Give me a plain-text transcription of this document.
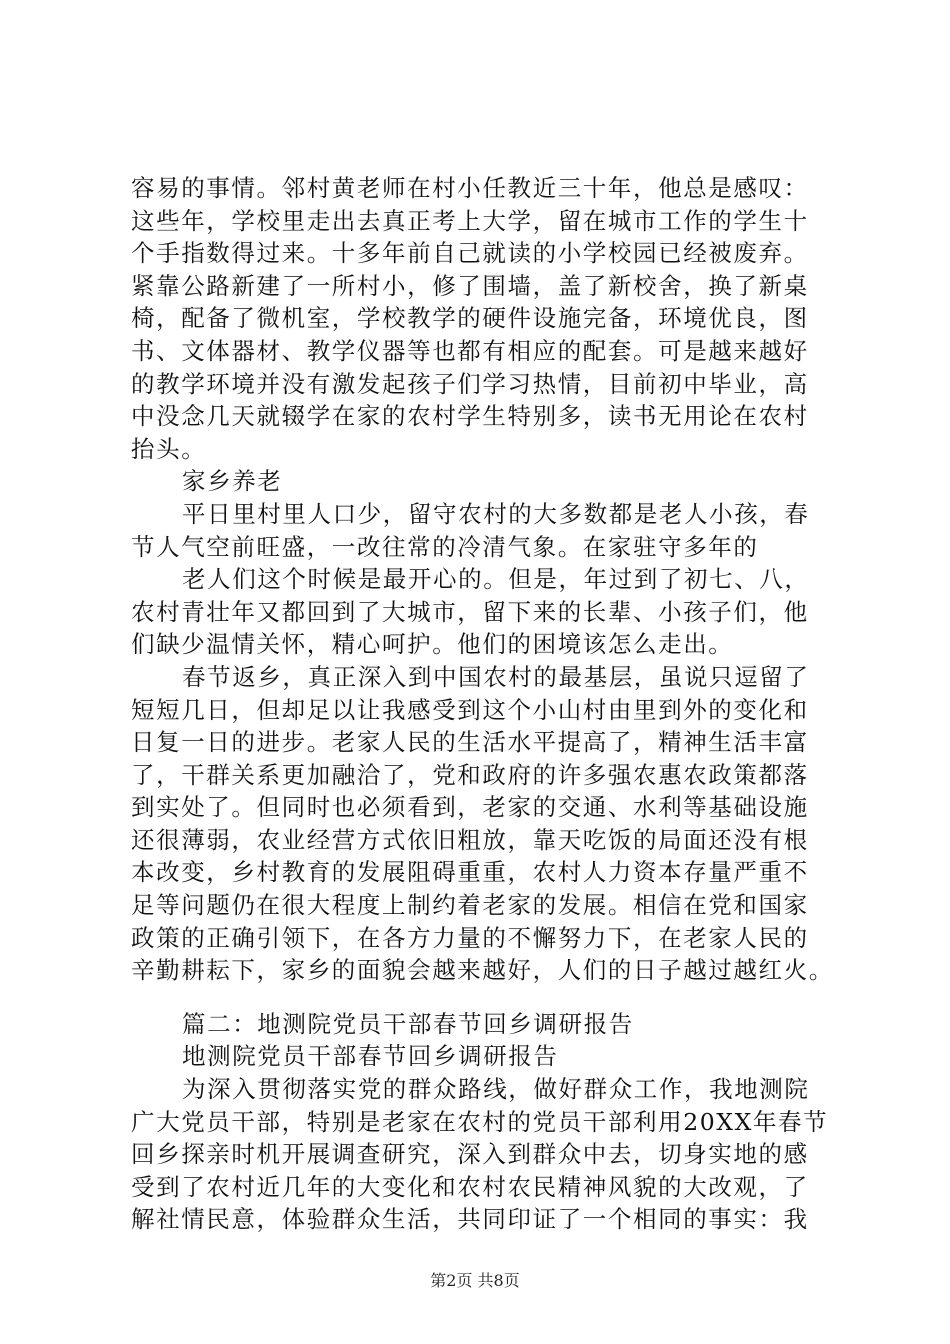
容易的事情。邻村黄老师在村小任教近三十年，他总是感叹：
这些年，学校里走出去真正考上大学，留在城市工作的学生十
个手指数得过来。十多年前自己就读的小学校园已经被废弃。
紧靠公路新建了一所村小，修了围墙，盖了新校舍，换了新桌
椅，配备了微机室，学校教学的硬件设施完备，环境优良，图
书、文体器材、教学仪器等也都有相应的配套。可是越来越好
的教学环境并没有激发起孩子们学习热情，目前初中毕业，高
中没念几天就辍学在家的农村学生特别多，读书无用论在农村
抬头。
家乡养老
平日里村里人口少，留守农村的大多数都是老人小孩，春
节人气空前旺盛，一改往常的冷清气象。在家驻守多年的
老人们这个时候是最开心的。但是，年过到了初七、八，
农村青壮年又都回到了大城市，留下来的长辈、小孩子们，他
们缺少温情关怀，精心呵护。他们的困境该怎么走出。
春节返乡，真正深入到中国农村的最基层，虽说只逗留了
短短几日，但却足以让我感受到这个小山村由里到外的变化和
日复一日的进步。老家人民的生活水平提高了，精神生活丰富
了，干群关系更加融洽了，党和政府的许多强农惠农政策都落
到实处了。但同时也必须看到，老家的交通、水利等基础设施
还很薄弱，农业经营方式依旧粗放，靠天吃饭的局面还没有根
本改变，乡村教育的发展阻碍重重，农村人力资本存量严重不
足等问题仍在很大程度上制约着老家的发展。相信在党和国家
政策的正确引领下，在各方力量的不懈努力下，在老家人民的
辛勤耕耘下，家乡的面貌会越来越好，人们的日子越过越红火。
篇二：地测院党员干部春节回乡调研报告
地测院党员干部春节回乡调研报告
为深入贯彻落实党的群众路线，做好群众工作，我地测院
广大党员干部，特别是老家在农村的党员干部利用20XX年春节
回乡探亲时机开展调查研究，深入到群众中去，切身实地的感
受到了农村近几年的大变化和农村农民精神风貌的大改观，了
解社情民意，体验群众生活，共同印证了一个相同的事实：我
第2页 共8页
